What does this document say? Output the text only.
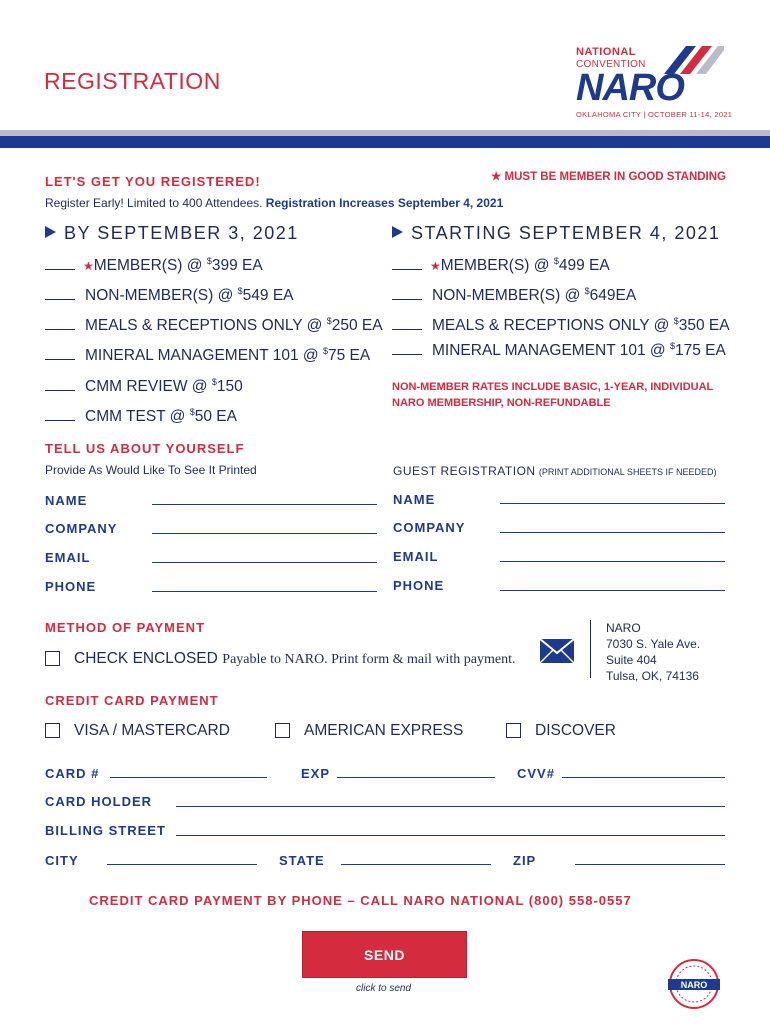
REGISTRATION
NATIONAL
CONVENTION
NARO
OKLAHOMA CITY | OCTOBER 11-14, 2021
LET'S GET YOU REGISTERED!	★ MUST BE MEMBER IN GOOD STANDING
Register Early! Limited to 400 Attendees. Registration Increases September 4, 2021
BY SEPTEMBER 3, 2021	STARTING SEPTEMBER 4, 2021
★MEMBER(S) @ $399 EA
NON-MEMBER(S) @ $549 EA
MEALS & RECEPTIONS ONLY @ $250 EA
MINERAL MANAGEMENT 101 @ $75 EA
CMM REVIEW @ $150
CMM TEST @ $50 EA
★MEMBER(S) @ $499 EA
NON-MEMBER(S) @ $649EA
MEALS & RECEPTIONS ONLY @ $350 EA
MINERAL MANAGEMENT 101 @ $175 EA
NON-MEMBER RATES INCLUDE BASIC, 1-YEAR, INDIVIDUAL
NARO MEMBERSHIP, NON-REFUNDABLE
TELL US ABOUT YOURSELF
Provide As Would Like To See It Printed	GUEST REGISTRATION (PRINT ADDITIONAL SHEETS IF NEEDED)
NAME
COMPANY
EMAIL
PHONE
NAME
COMPANY
EMAIL
PHONE
METHOD OF PAYMENT
CHECK ENCLOSED Payable to NARO. Print form & mail with payment.
NARO
7030 S. Yale Ave.
Suite 404
Tulsa, OK, 74136
CREDIT CARD PAYMENT
VISA / MASTERCARD	AMERICAN EXPRESS	DISCOVER
CARD #	EXP	CVV#
CARD HOLDER
BILLING STREET
CITY	STATE	ZIP
CREDIT CARD PAYMENT BY PHONE – CALL NARO NATIONAL (800) 558-0557
SEND
click to send	NARO
